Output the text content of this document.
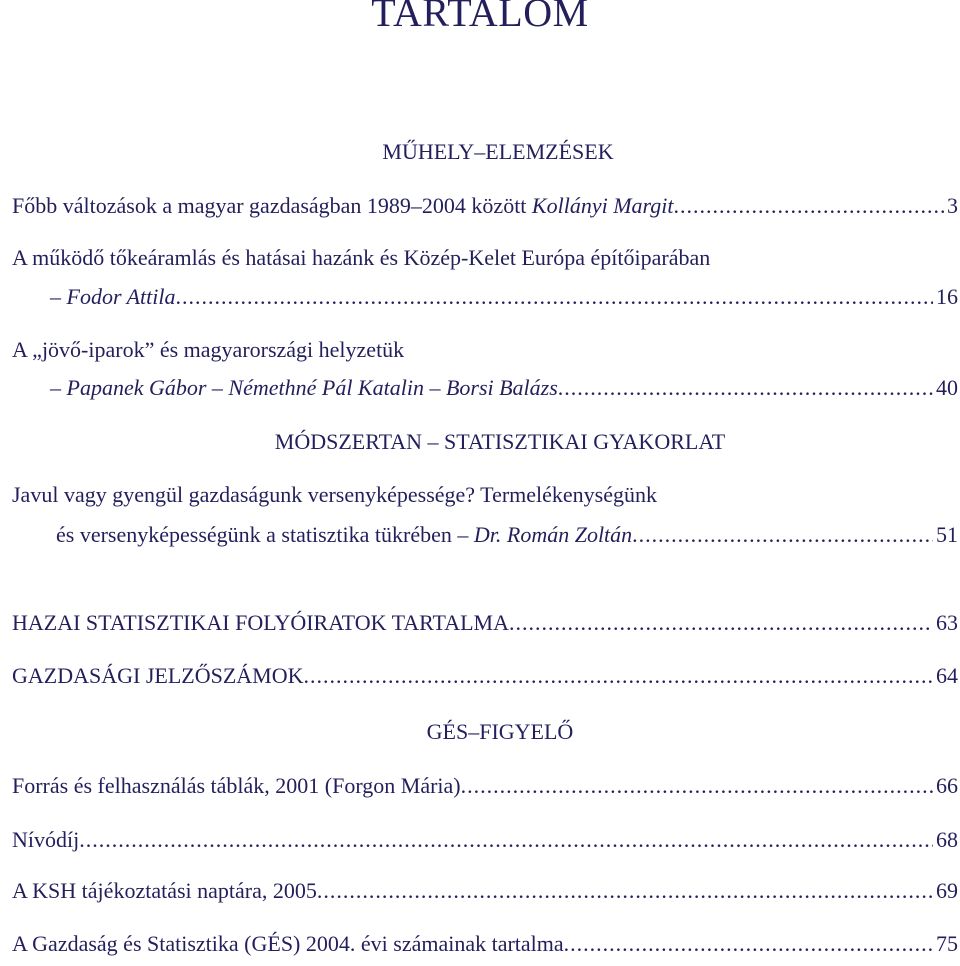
TARTALOM
MŰHELY–ELEMZÉSEK
Főbb változások a magyar gazdaságban 1989–2004 között Kollányi Margit .....	3
A működő tőkeáramlás és hatásai hazánk és Közép-Kelet Európa építőiparában
– Fodor Attila .....	16
A „jövő-iparok” és magyarországi helyzetük
– Papanek Gábor – Némethné Pál Katalin – Borsi Balázs .....	40
MÓDSZERTAN – STATISZTIKAI GYAKORLAT
Javul vagy gyengül gazdaságunk versenyképessége? Termelékenységünk
és versenyképességünk a statisztika tükrében – Dr. Román Zoltán .....	51
HAZAI STATISZTIKAI FOLYÓIRATOK TARTALMA .....	63
GAZDASÁGI JELZŐSZÁMOK .....	64
GÉS–FIGYELŐ
Forrás és felhasználás táblák, 2001 (Forgon Mária) .....	66
Nívódíj .....	68
A KSH tájékoztatási naptára, 2005 .....	69
A Gazdaság és Statisztika (GÉS) 2004. évi számainak tartalma .....	75
